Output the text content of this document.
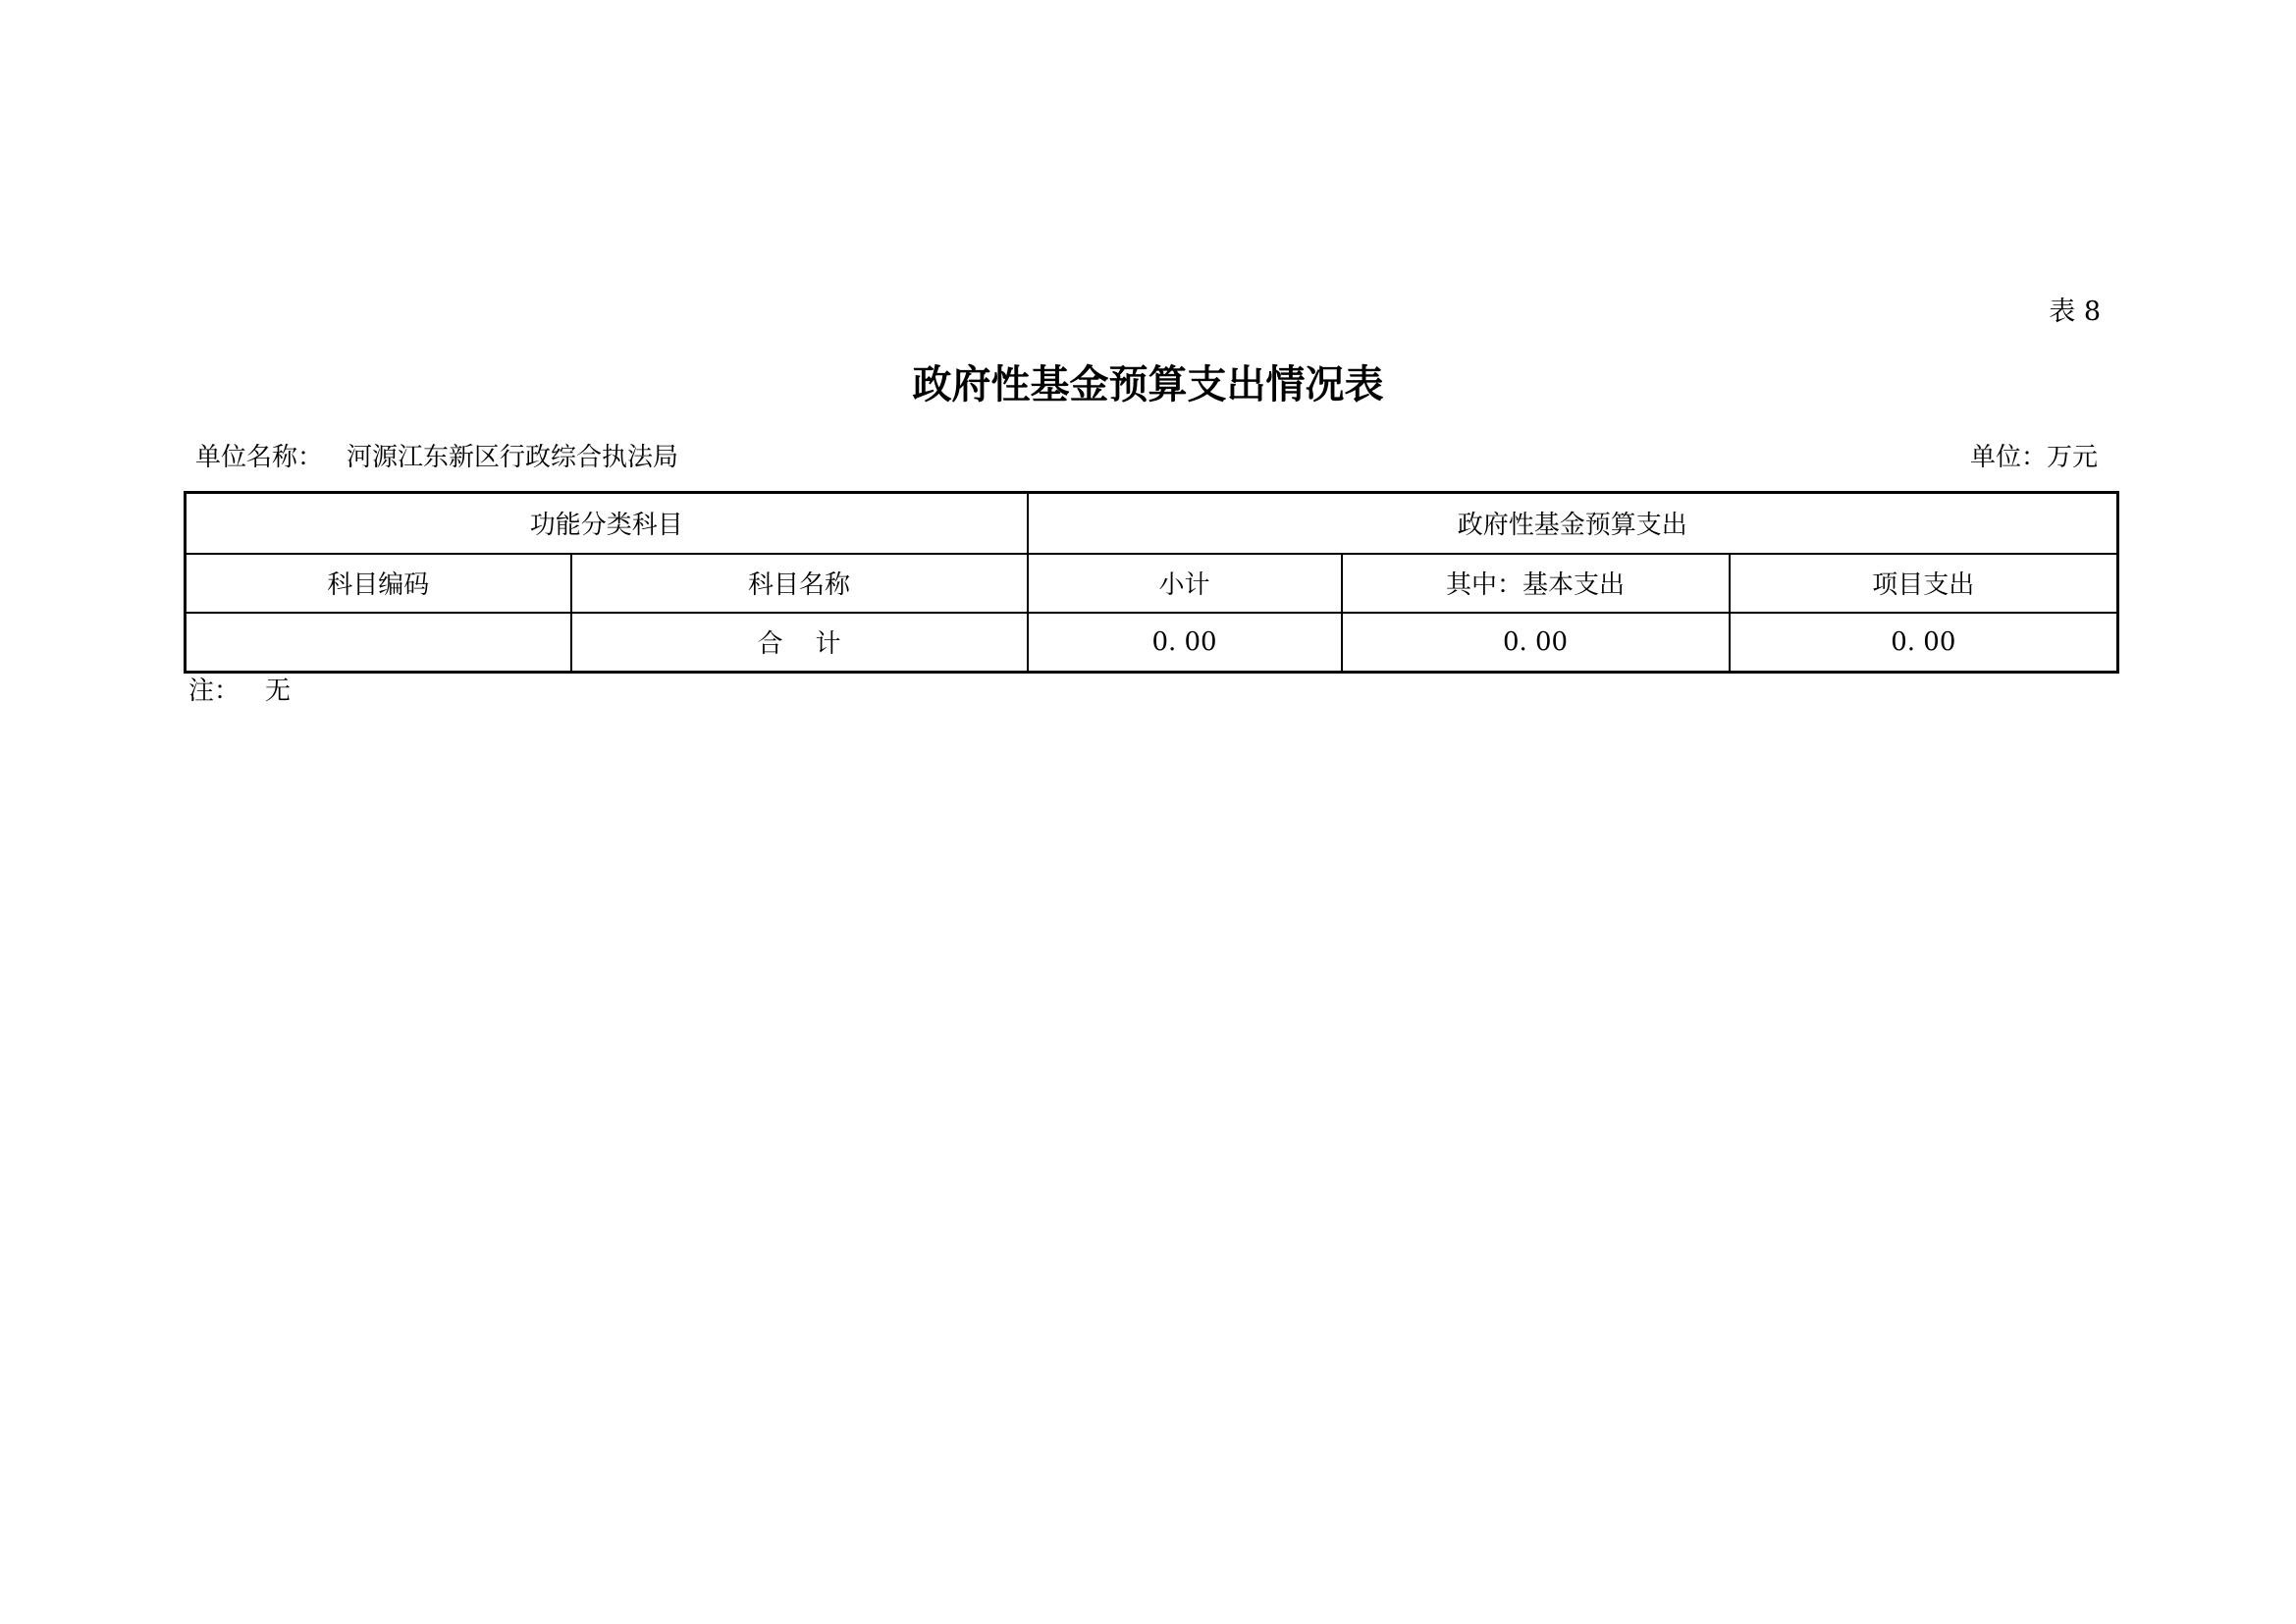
表 8
政府性基金预算支出情况表
单位名称： 河源江东新区行政综合执法局	单位：万元
功能分类科目		政府性基金预算支出		
科目编码	科目名称	小计	其中：基本支出	项目支出
	合    计	0. 00	0. 00	0. 00
注： 无
